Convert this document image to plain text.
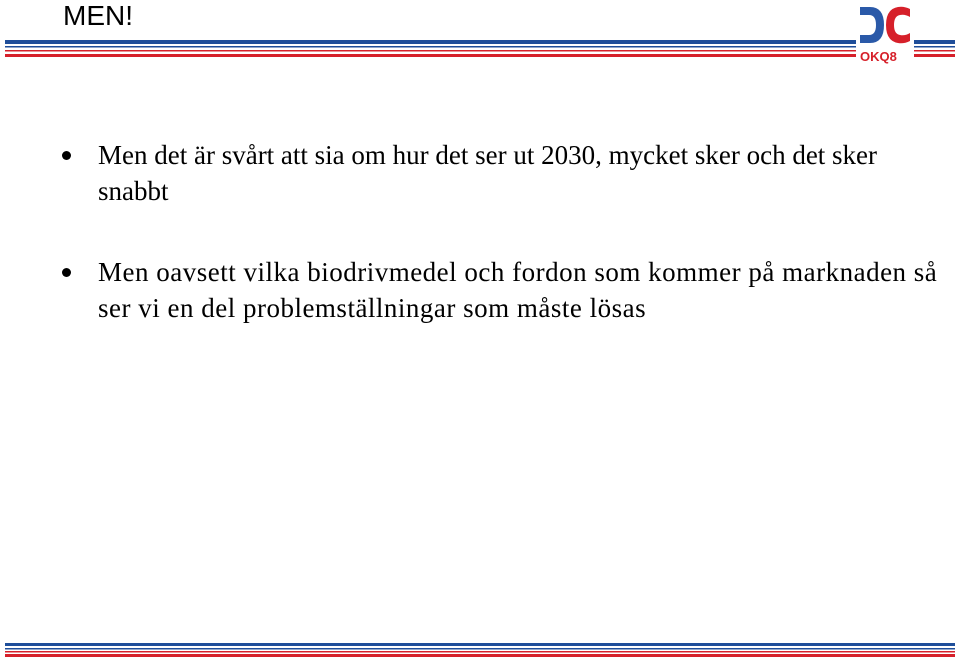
MEN!
OKQ8
Men det är svårt att sia om hur det ser ut 2030, mycket sker och det sker snabbt
Men oavsett vilka biodrivmedel och fordon som kommer på marknaden så ser vi en del problemställningar som måste lösas
